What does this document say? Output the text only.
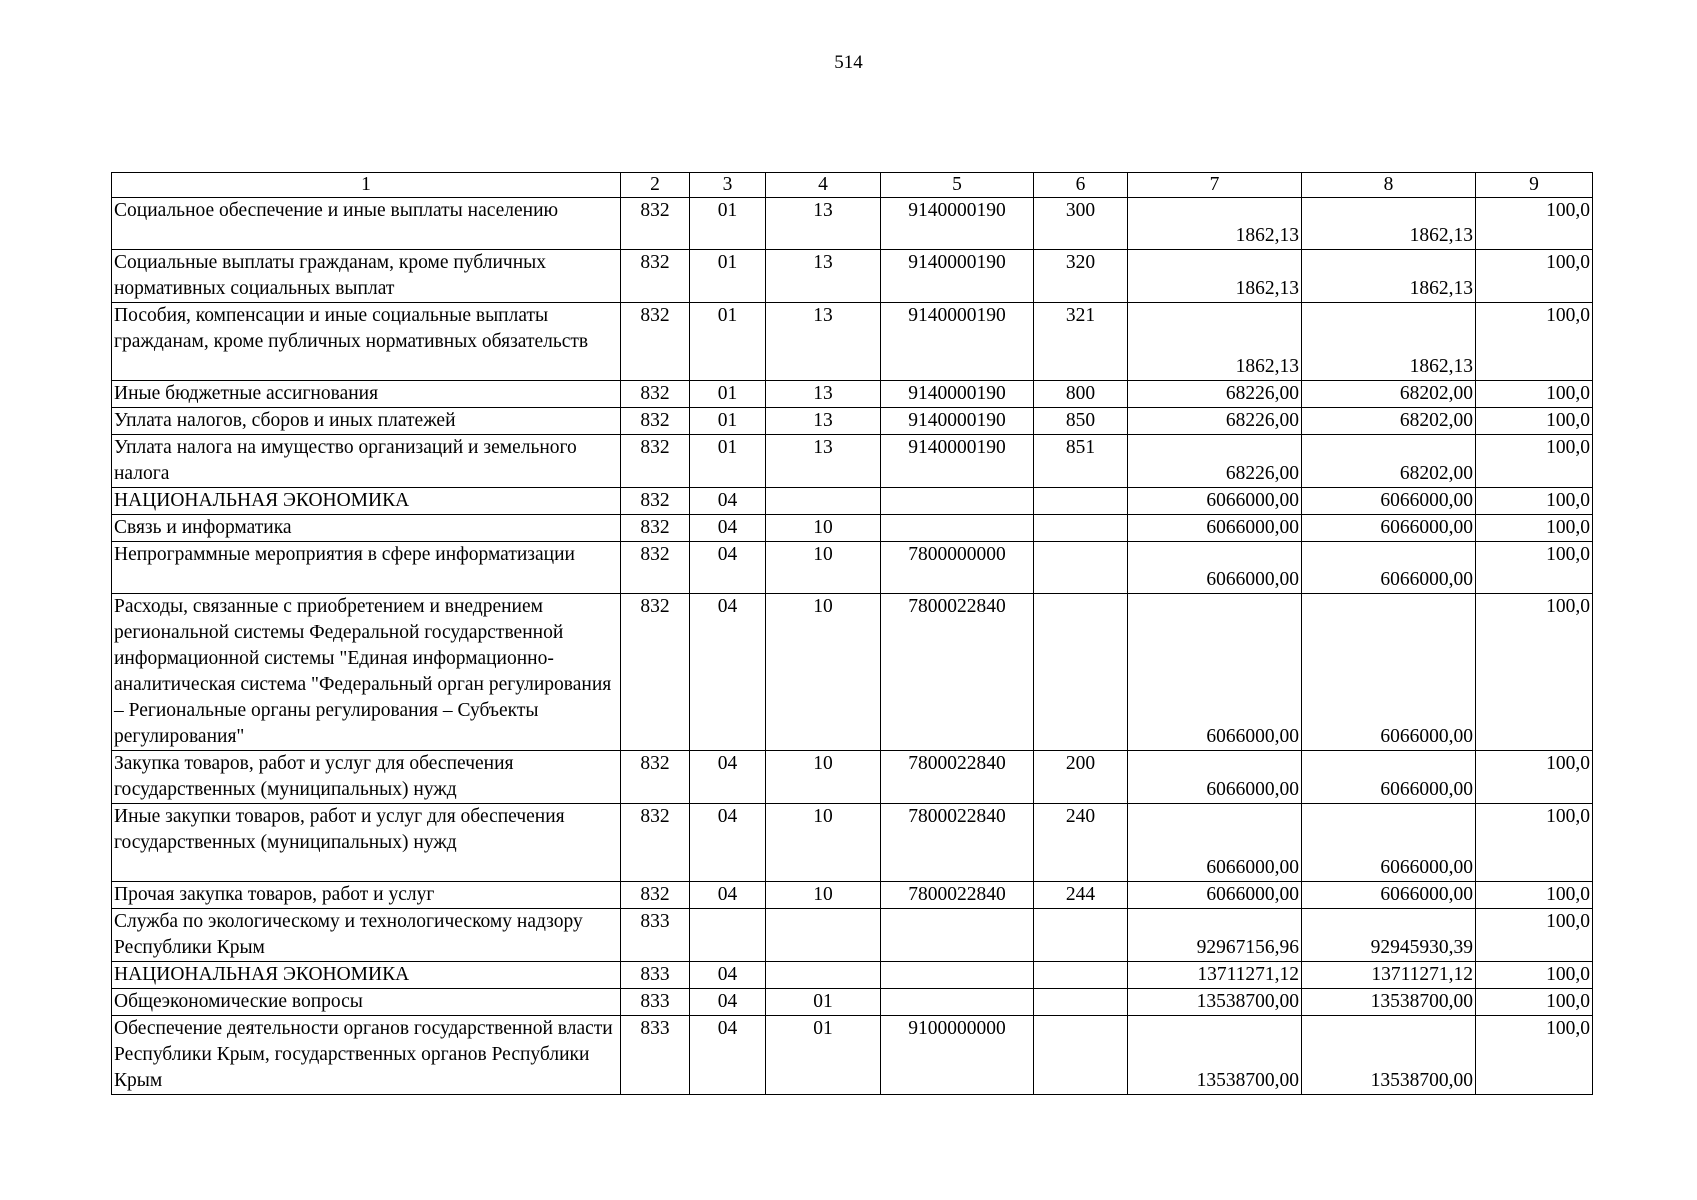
514
1	2	3	4	5	6	7	8	9
Социальное обеспечение и иные выплаты населению	832	01	13	9140000190	300	1862,13	1862,13	100,0
Социальные выплаты гражданам, кроме публичных нормативных социальных выплат	832	01	13	9140000190	320	1862,13	1862,13	100,0
Пособия, компенсации и иные социальные выплаты гражданам, кроме публичных нормативных обязательств	832	01	13	9140000190	321	1862,13	1862,13	100,0
Иные бюджетные ассигнования	832	01	13	9140000190	800	68226,00	68202,00	100,0
Уплата налогов, сборов и иных платежей	832	01	13	9140000190	850	68226,00	68202,00	100,0
Уплата налога на имущество организаций и земельного налога	832	01	13	9140000190	851	68226,00	68202,00	100,0
НАЦИОНАЛЬНАЯ ЭКОНОМИКА	832	04				6066000,00	6066000,00	100,0
Связь и информатика	832	04	10			6066000,00	6066000,00	100,0
Непрограммные мероприятия в сфере информатизации	832	04	10	7800000000		6066000,00	6066000,00	100,0
Расходы, связанные с приобретением и внедрением региональной системы Федеральной государственной информационной системы "Единая информационно-аналитическая система "Федеральный орган регулирования – Региональные органы регулирования – Субъекты регулирования"	832	04	10	7800022840		6066000,00	6066000,00	100,0
Закупка товаров, работ и услуг для обеспечения государственных (муниципальных) нужд	832	04	10	7800022840	200	6066000,00	6066000,00	100,0
Иные закупки товаров, работ и услуг для обеспечения государственных (муниципальных) нужд	832	04	10	7800022840	240	6066000,00	6066000,00	100,0
Прочая закупка товаров, работ и услуг	832	04	10	7800022840	244	6066000,00	6066000,00	100,0
Служба по экологическому и технологическому надзору Республики Крым	833					92967156,96	92945930,39	100,0
НАЦИОНАЛЬНАЯ ЭКОНОМИКА	833	04				13711271,12	13711271,12	100,0
Общеэкономические вопросы	833	04	01			13538700,00	13538700,00	100,0
Обеспечение деятельности органов государственной власти Республики Крым, государственных органов Республики Крым	833	04	01	9100000000		13538700,00	13538700,00	100,0
